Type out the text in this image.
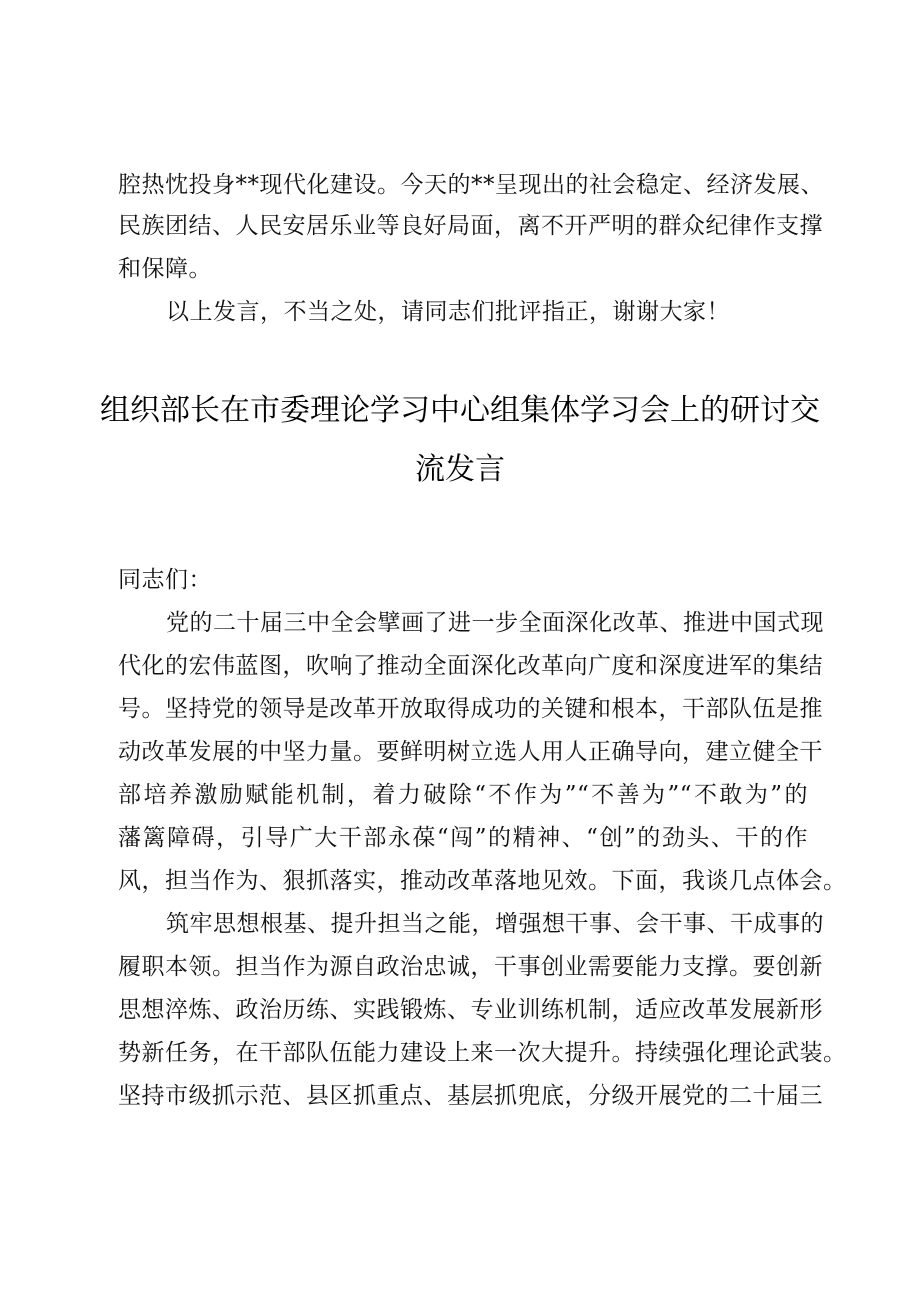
腔热忱投身**现代化建设。今天的**呈现出的社会稳定、经济发展、
民族团结、人民安居乐业等良好局面，离不开严明的群众纪律作支撑
和保障。
以上发言，不当之处，请同志们批评指正，谢谢大家！
组织部长在市委理论学习中心组集体学习会上的研讨交
流发言
同志们：
党的二十届三中全会擘画了进一步全面深化改革、推进中国式现
代化的宏伟蓝图，吹响了推动全面深化改革向广度和深度进军的集结
号。坚持党的领导是改革开放取得成功的关键和根本，干部队伍是推
动改革发展的中坚力量。要鲜明树立选人用人正确导向，建立健全干
部培养激励赋能机制，着力破除“不作为”“不善为”“不敢为”的
藩篱障碍，引导广大干部永葆“闯”的精神、“创”的劲头、干的作
风，担当作为、狠抓落实，推动改革落地见效。下面，我谈几点体会。
筑牢思想根基、提升担当之能，增强想干事、会干事、干成事的
履职本领。担当作为源自政治忠诚，干事创业需要能力支撑。要创新
思想淬炼、政治历练、实践锻炼、专业训练机制，适应改革发展新形
势新任务，在干部队伍能力建设上来一次大提升。持续强化理论武装。
坚持市级抓示范、县区抓重点、基层抓兜底，分级开展党的二十届三
